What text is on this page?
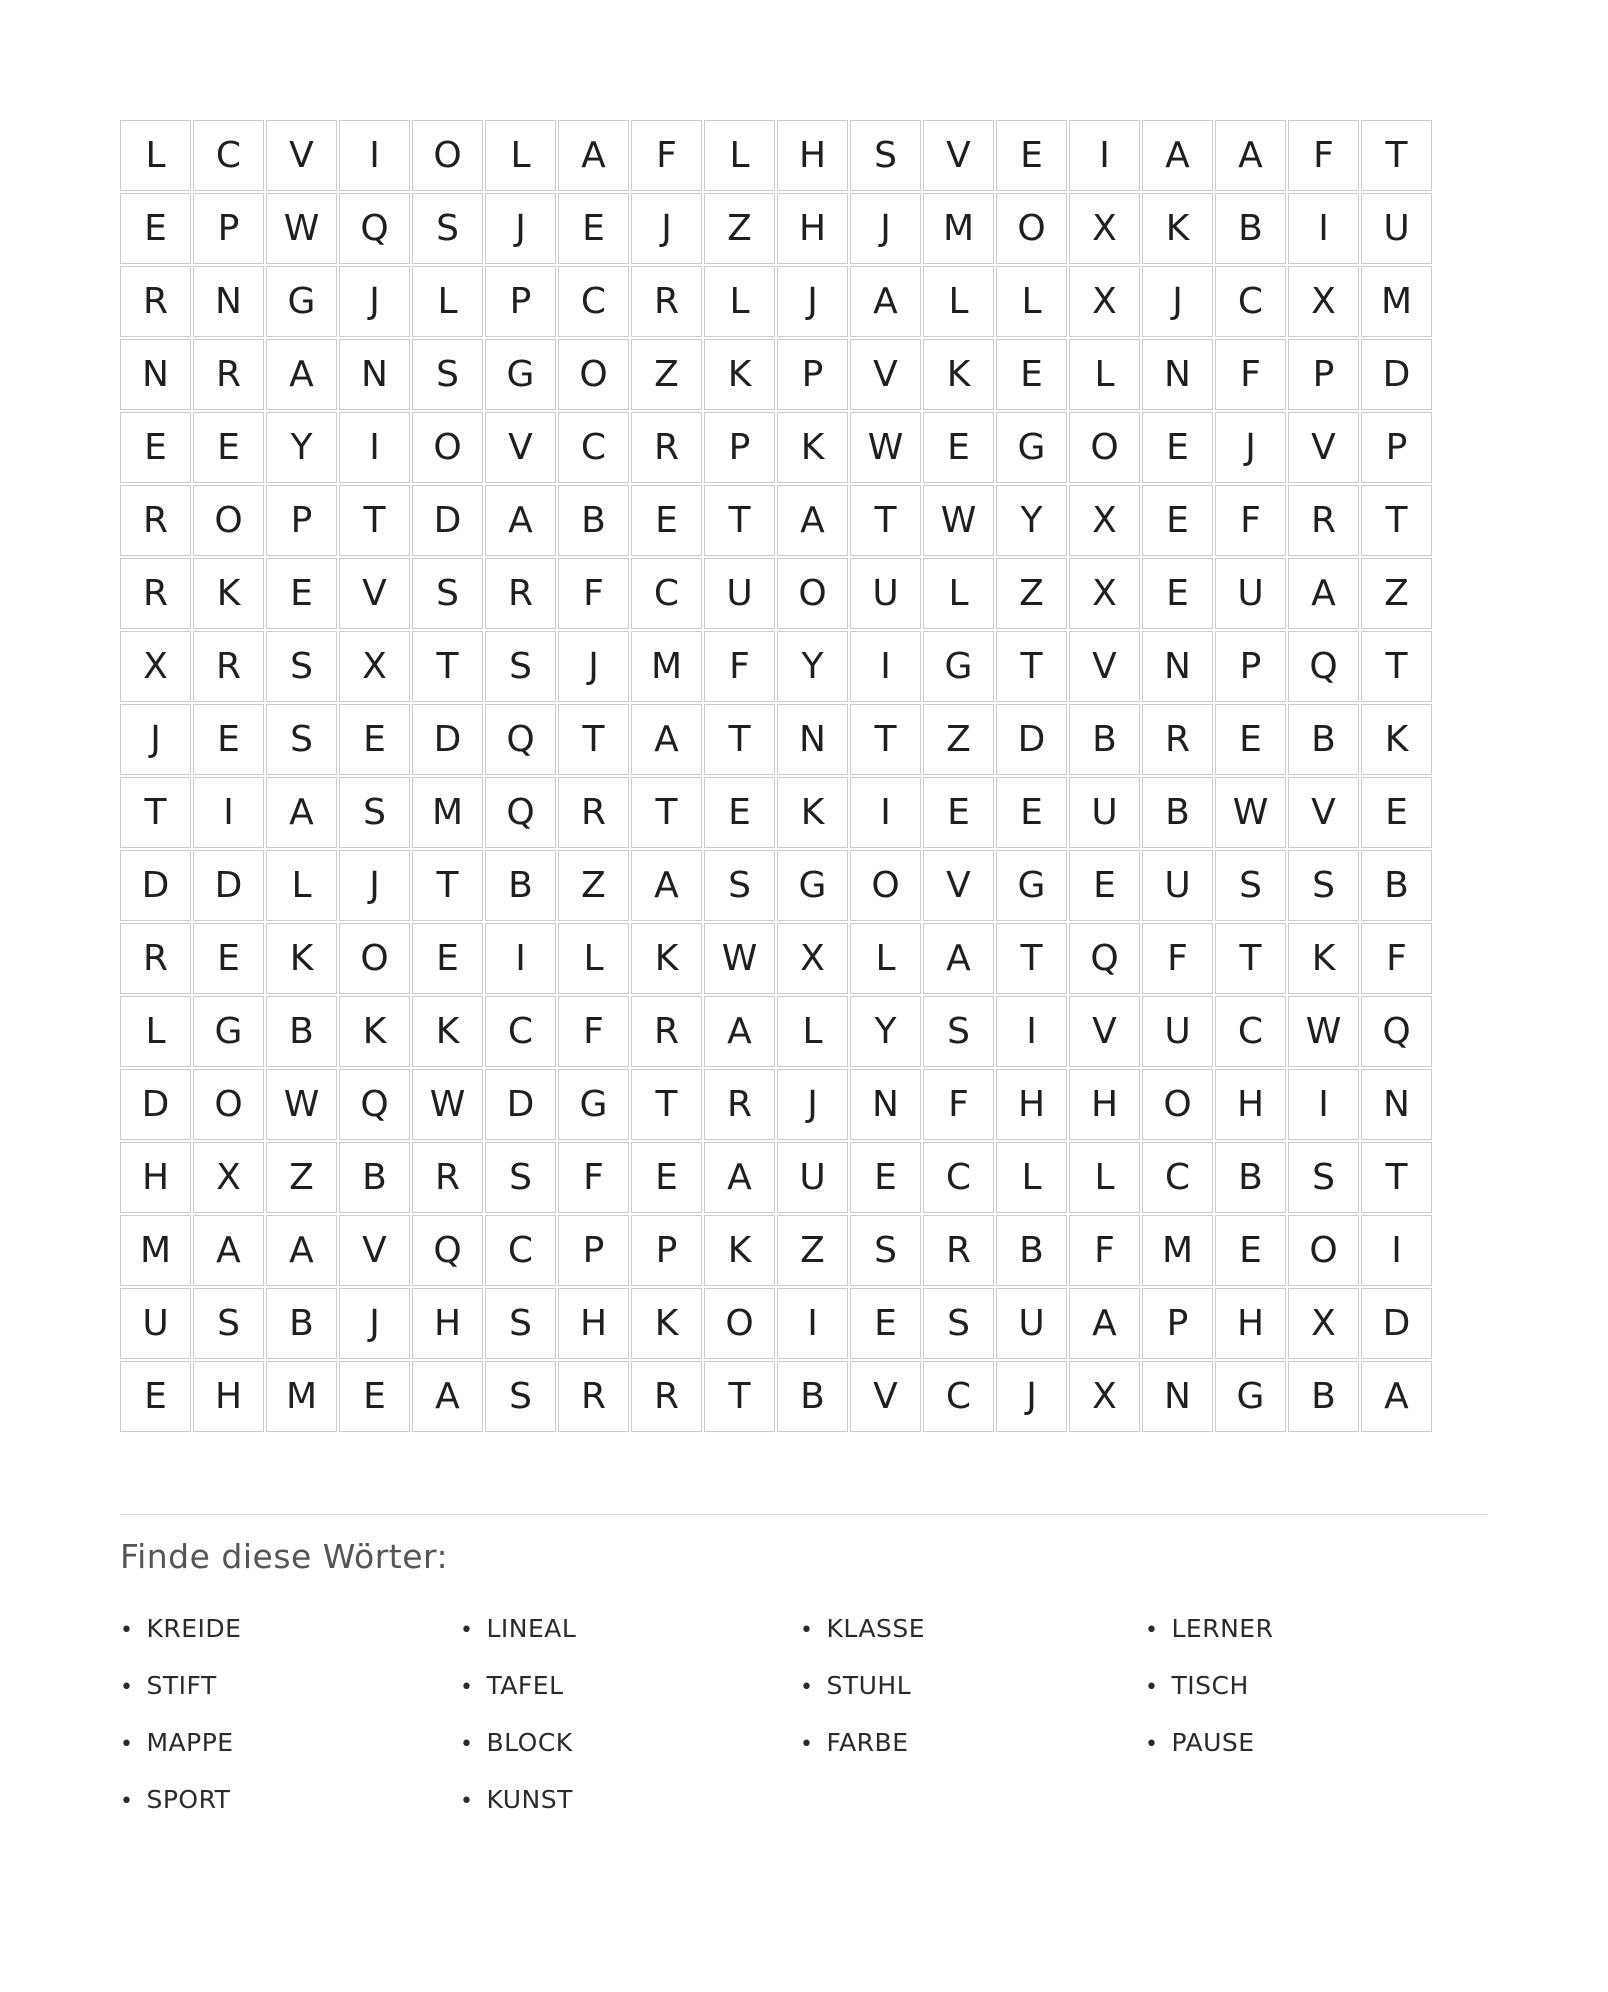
L	C	V	I	O	L	A	F	L	H	S	V	E	I	A	A	F	T
E	P	W	Q	S	J	E	J	Z	H	J	M	O	X	K	B	I	U
R	N	G	J	L	P	C	R	L	J	A	L	L	X	J	C	X	M
N	R	A	N	S	G	O	Z	K	P	V	K	E	L	N	F	P	D
E	E	Y	I	O	V	C	R	P	K	W	E	G	O	E	J	V	P
R	O	P	T	D	A	B	E	T	A	T	W	Y	X	E	F	R	T
R	K	E	V	S	R	F	C	U	O	U	L	Z	X	E	U	A	Z
X	R	S	X	T	S	J	M	F	Y	I	G	T	V	N	P	Q	T
J	E	S	E	D	Q	T	A	T	N	T	Z	D	B	R	E	B	K
T	I	A	S	M	Q	R	T	E	K	I	E	E	U	B	W	V	E
D	D	L	J	T	B	Z	A	S	G	O	V	G	E	U	S	S	B
R	E	K	O	E	I	L	K	W	X	L	A	T	Q	F	T	K	F
L	G	B	K	K	C	F	R	A	L	Y	S	I	V	U	C	W	Q
D	O	W	Q	W	D	G	T	R	J	N	F	H	H	O	H	I	N
H	X	Z	B	R	S	F	E	A	U	E	C	L	L	C	B	S	T
M	A	A	V	Q	C	P	P	K	Z	S	R	B	F	M	E	O	I
U	S	B	J	H	S	H	K	O	I	E	S	U	A	P	H	X	D
E	H	M	E	A	S	R	R	T	B	V	C	J	X	N	G	B	A
Finde diese Wörter:
• KREIDE
• STIFT
• MAPPE
• SPORT
• LINEAL
• TAFEL
• BLOCK
• KUNST
• KLASSE
• STUHL
• FARBE
• LERNER
• TISCH
• PAUSE
